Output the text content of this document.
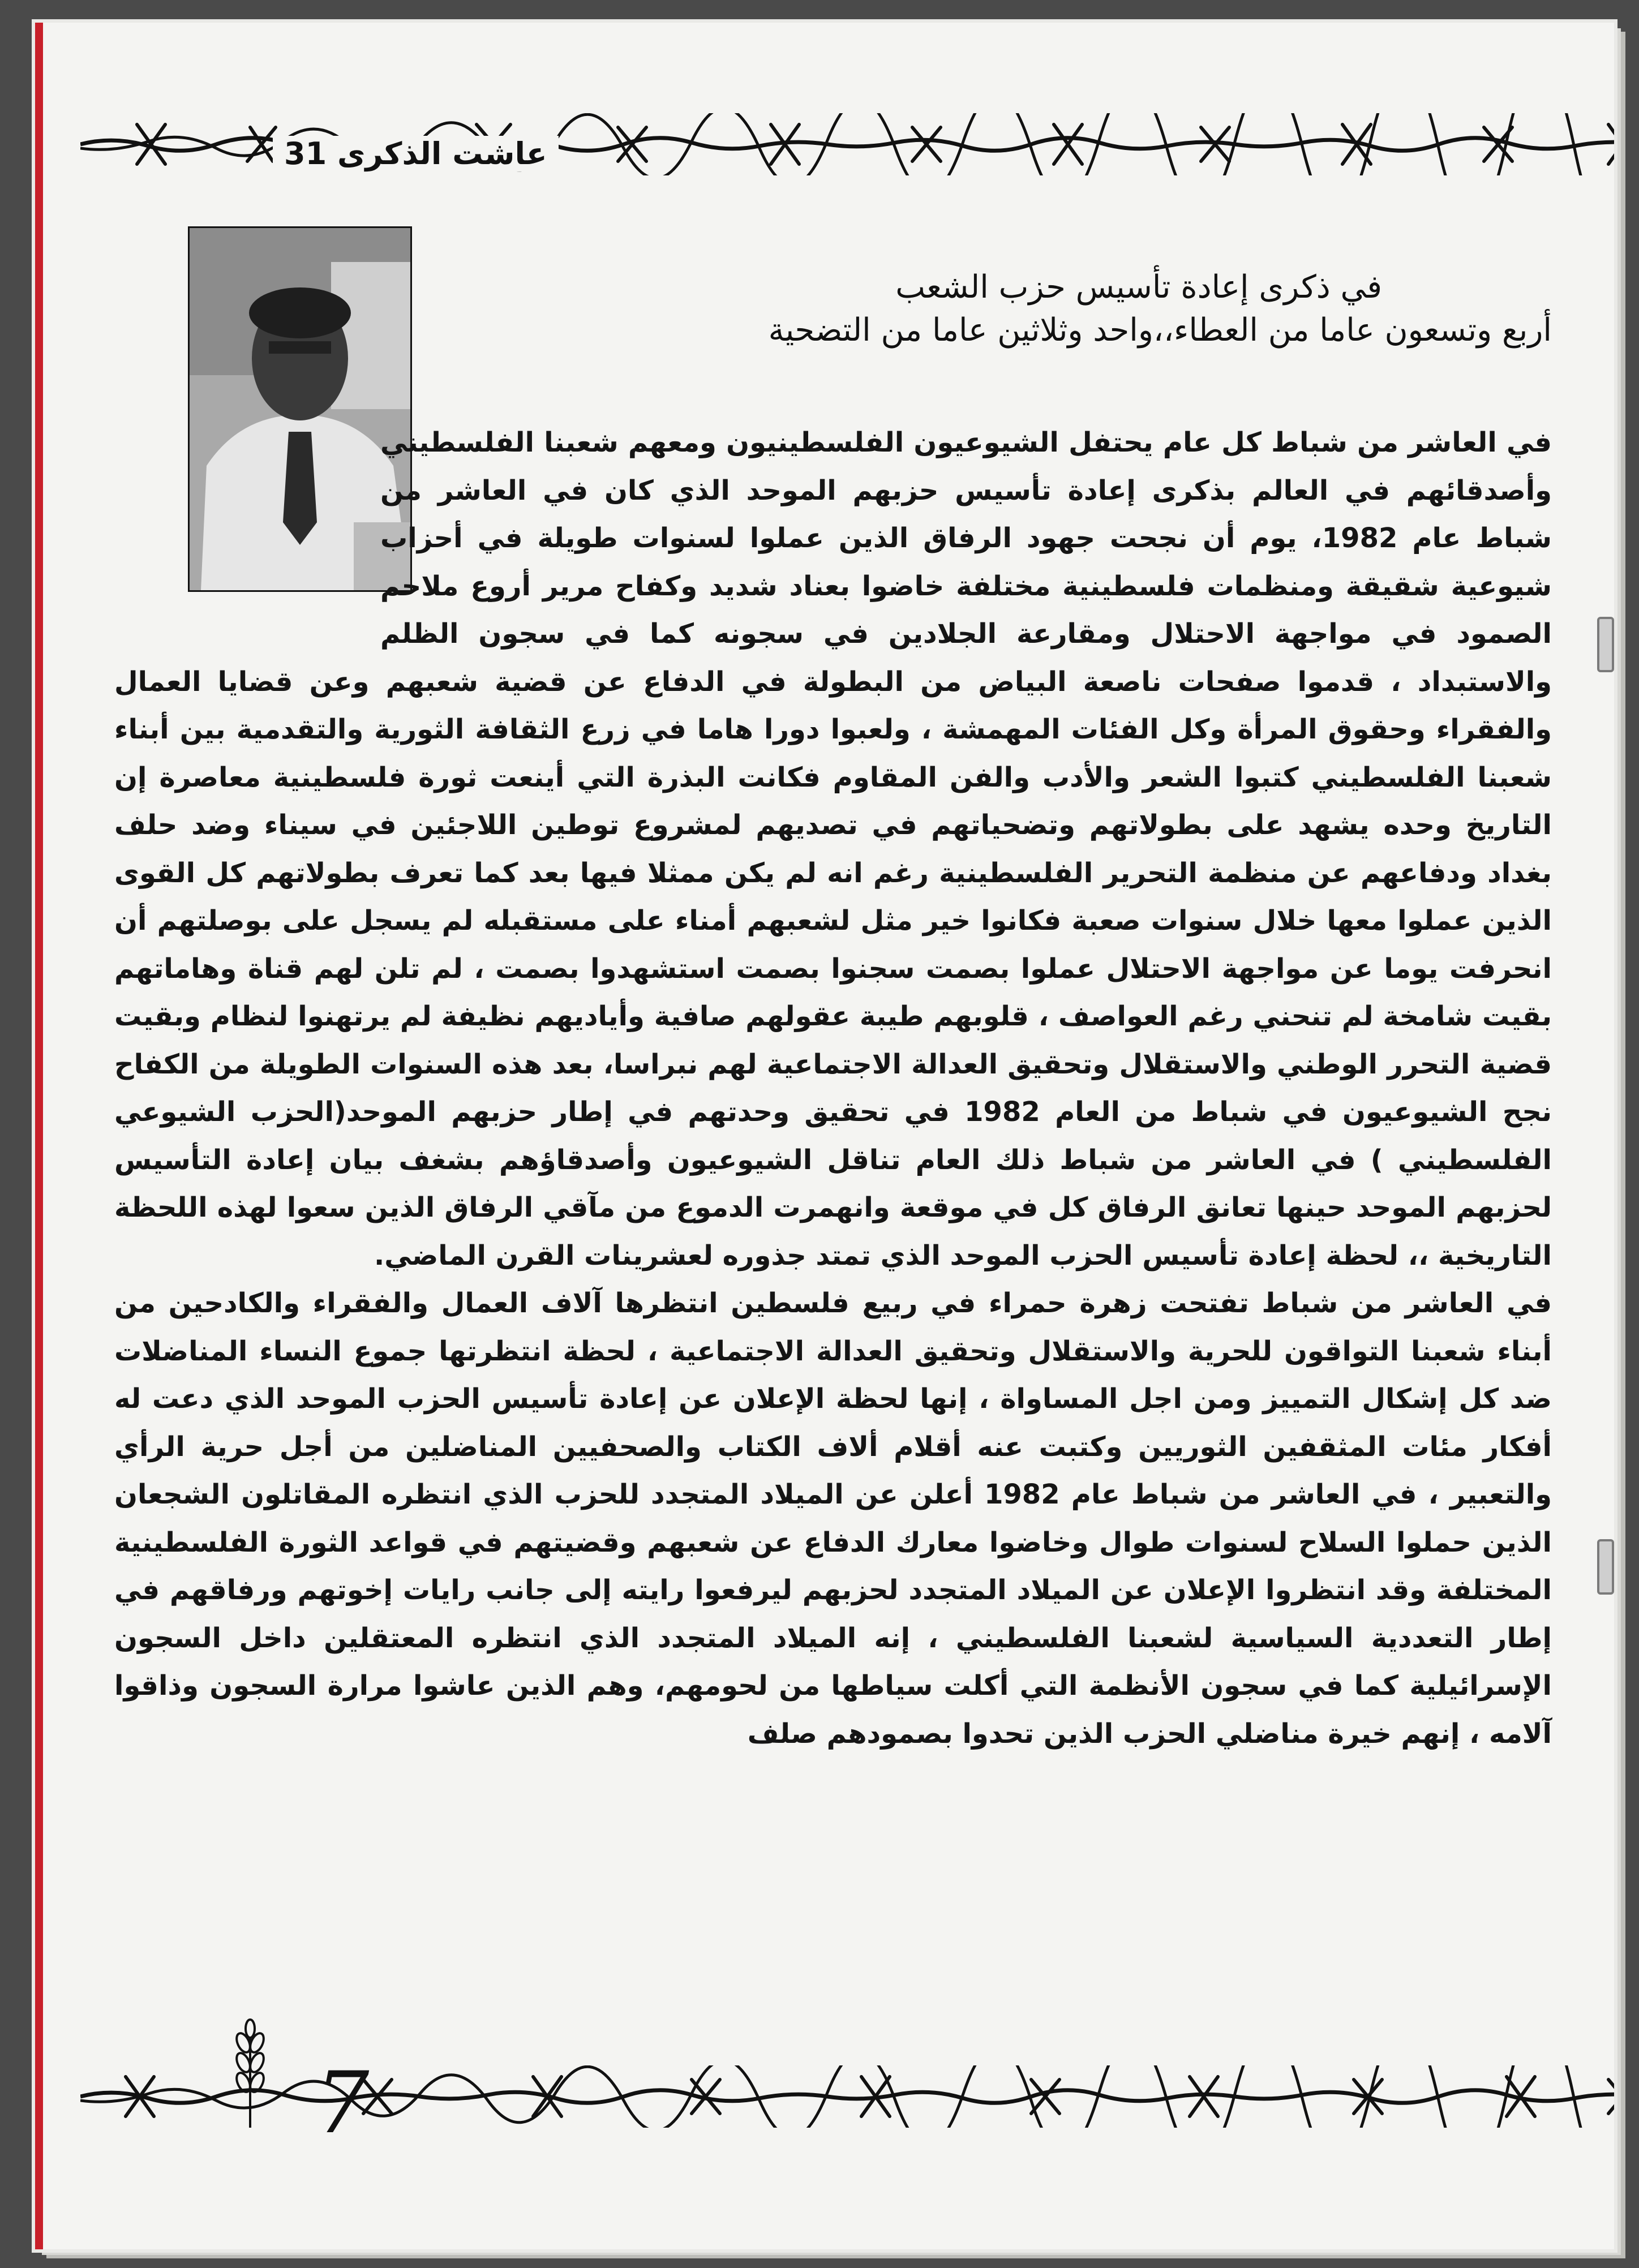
عاشت الذكرى 31
في ذكرى إعادة تأسيس حزب الشعب
أربع وتسعون عاما من العطاء،،واحد وثلاثين عاما من التضحية

في العاشر من شباط كل عام يحتفل الشيوعيون الفلسطينيون ومعهم شعبنا الفلسطيني وأصدقائهم في العالم بذكرى إعادة تأسيس حزبهم الموحد الذي كان في العاشر من شباط عام 1982، يوم أن نجحت جهود الرفاق الذين عملوا لسنوات طويلة في أحزاب شيوعية شقيقة ومنظمات فلسطينية مختلفة خاضوا بعناد شديد وكفاح مرير أروع ملاحم الصمود في مواجهة الاحتلال ومقارعة الجلادين في سجونه كما في سجون الظلم والاستبداد ، قدموا صفحات ناصعة البياض من البطولة في الدفاع عن قضية شعبهم وعن قضايا العمال والفقراء وحقوق المرأة وكل الفئات المهمشة ، ولعبوا دورا هاما في زرع الثقافة الثورية والتقدمية بين أبناء شعبنا الفلسطيني كتبوا الشعر والأدب والفن المقاوم فكانت البذرة التي أينعت ثورة فلسطينية معاصرة إن التاريخ وحده يشهد على بطولاتهم وتضحياتهم في تصديهم لمشروع توطين اللاجئين في سيناء وضد حلف بغداد ودفاعهم عن منظمة التحرير الفلسطينية رغم انه لم يكن ممثلا فيها بعد كما تعرف بطولاتهم كل القوى الذين عملوا معها خلال سنوات صعبة فكانوا خير مثل لشعبهم أمناء على مستقبله لم يسجل على بوصلتهم أن انحرفت يوما عن مواجهة الاحتلال عملوا بصمت سجنوا بصمت استشهدوا بصمت ، لم تلن لهم قناة وهاماتهم بقيت شامخة لم تنحني رغم العواصف ، قلوبهم طيبة عقولهم صافية وأياديهم نظيفة لم يرتهنوا لنظام وبقيت قضية التحرر الوطني والاستقلال وتحقيق العدالة الاجتماعية لهم نبراسا، بعد هذه السنوات الطويلة من الكفاح نجح الشيوعيون في شباط من العام 1982 في تحقيق وحدتهم في إطار حزبهم الموحد(الحزب الشيوعي الفلسطيني ) في العاشر من شباط ذلك العام تناقل الشيوعيون وأصدقاؤهم بشغف بيان إعادة التأسيس لحزبهم الموحد حينها تعانق الرفاق كل في موقعة وانهمرت الدموع من مآقي الرفاق الذين سعوا لهذه اللحظة التاريخية ،، لحظة إعادة تأسيس الحزب الموحد الذي تمتد جذوره لعشرينات القرن الماضي.

في العاشر من شباط تفتحت زهرة حمراء في ربيع فلسطين انتظرها آلاف العمال والفقراء والكادحين من أبناء شعبنا التواقون للحرية والاستقلال وتحقيق العدالة الاجتماعية ، لحظة انتظرتها جموع النساء المناضلات ضد كل إشكال التمييز ومن اجل المساواة ، إنها لحظة الإعلان عن إعادة تأسيس الحزب الموحد الذي دعت له أفكار مئات المثقفين الثوريين وكتبت عنه أقلام ألاف الكتاب والصحفيين المناضلين من أجل حرية الرأي والتعبير ، في العاشر من شباط عام 1982 أعلن عن الميلاد المتجدد للحزب الذي انتظره المقاتلون الشجعان الذين حملوا السلاح لسنوات طوال وخاضوا معارك الدفاع عن شعبهم وقضيتهم في قواعد الثورة الفلسطينية المختلفة وقد انتظروا الإعلان عن الميلاد المتجدد لحزبهم ليرفعوا رايته إلى جانب رايات إخوتهم ورفاقهم في إطار التعددية السياسية لشعبنا الفلسطيني ، إنه الميلاد المتجدد الذي انتظره المعتقلين داخل السجون الإسرائيلية كما في سجون الأنظمة التي أكلت سياطها من لحومهم، وهم الذين عاشوا مرارة السجون وذاقوا آلامه ، إنهم خيرة مناضلي الحزب الذين تحدوا بصمودهم صلف

7
